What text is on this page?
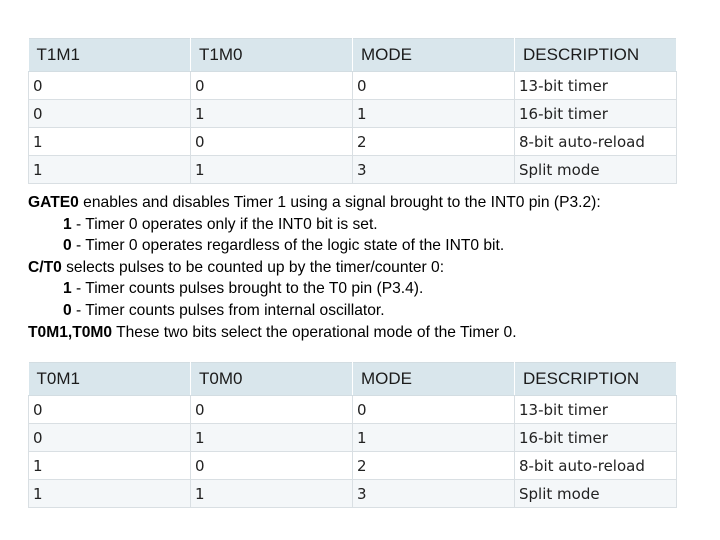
T1M1	T1M0	MODE	DESCRIPTION
0	0	0	13-bit timer
0	1	1	16-bit timer
1	0	2	8-bit auto-reload
1	1	3	Split mode
GATE0 enables and disables Timer 1 using a signal brought to the INT0 pin (P3.2):
1 - Timer 0 operates only if the INT0 bit is set.
0 - Timer 0 operates regardless of the logic state of the INT0 bit.
C/T0 selects pulses to be counted up by the timer/counter 0:
1 - Timer counts pulses brought to the T0 pin (P3.4).
0 - Timer counts pulses from internal oscillator.
T0M1,T0M0 These two bits select the operational mode of the Timer 0.
T0M1	T0M0	MODE	DESCRIPTION
0	0	0	13-bit timer
0	1	1	16-bit timer
1	0	2	8-bit auto-reload
1	1	3	Split mode
